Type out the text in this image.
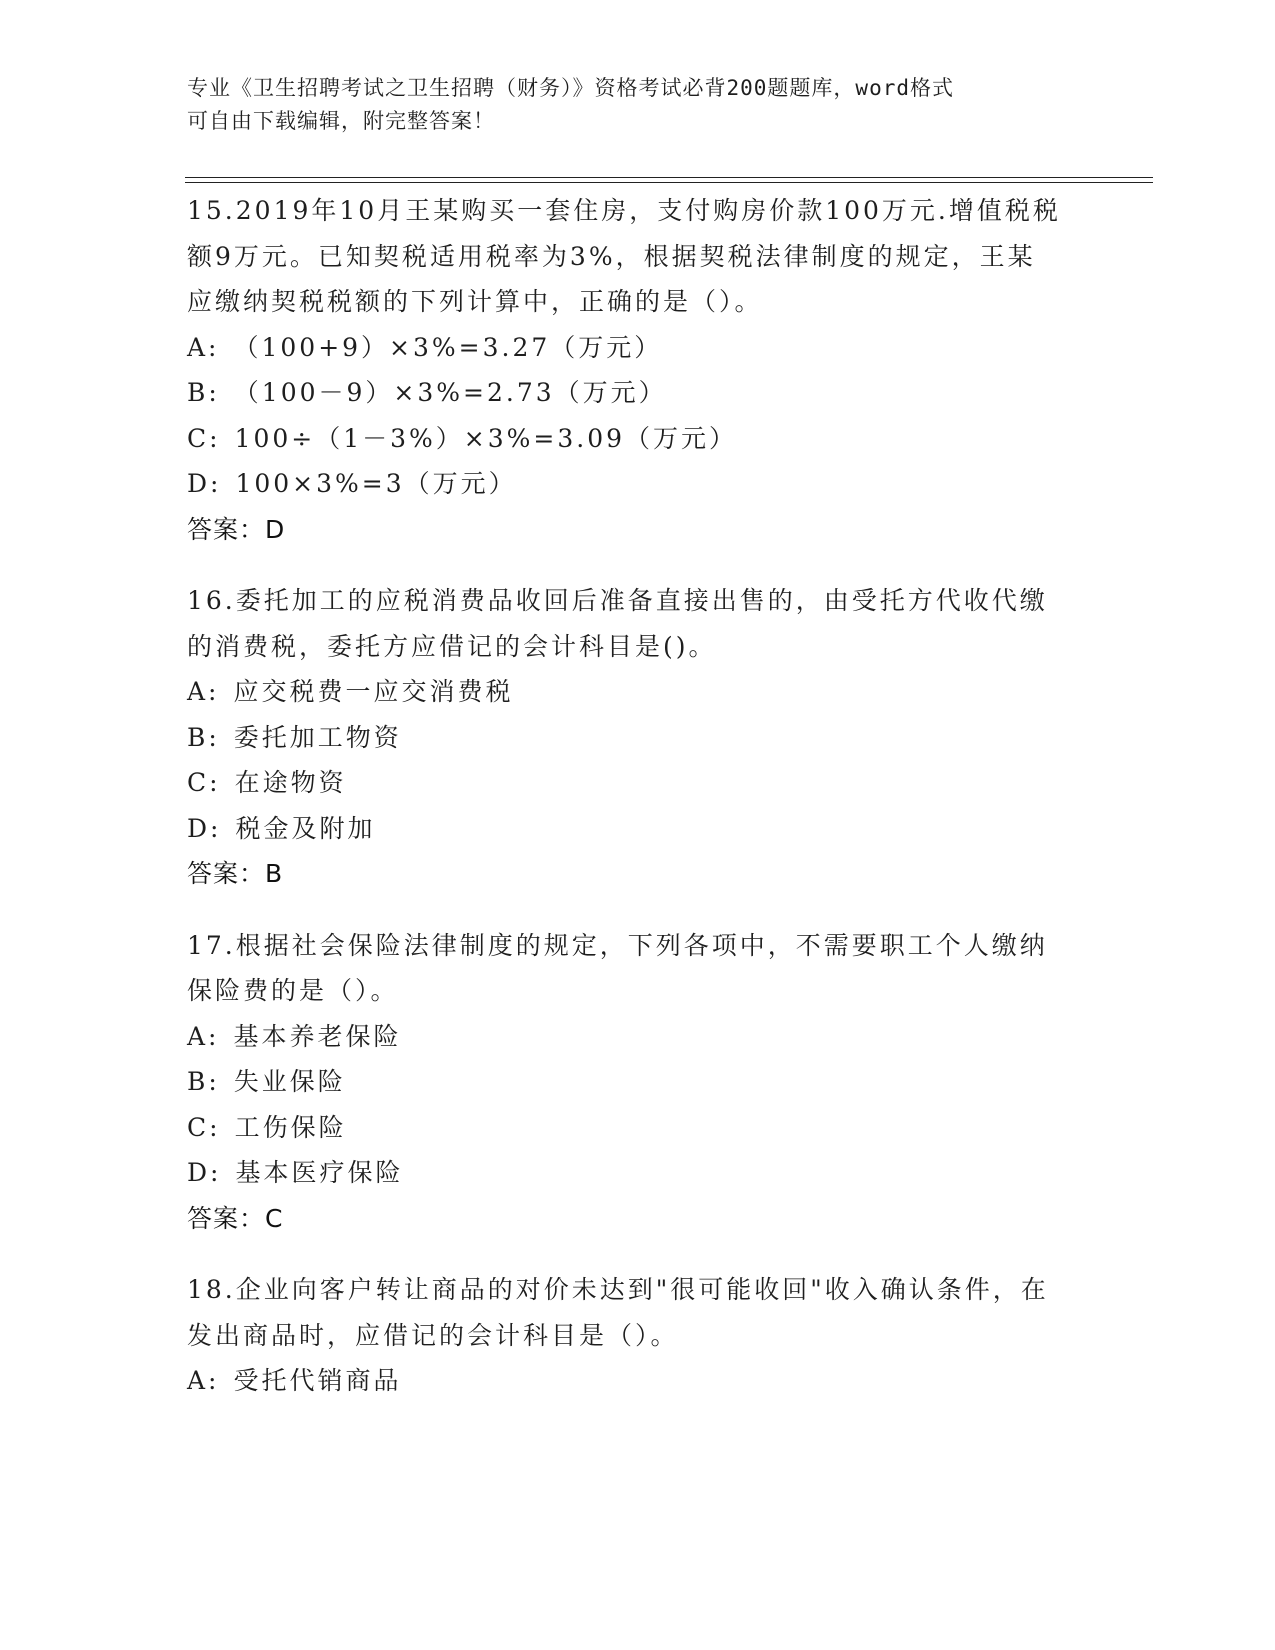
专业《卫生招聘考试之卫生招聘（财务）》资格考试必背200题题库，word格式
可自由下载编辑，附完整答案！
15.2019年10月王某购买一套住房，支付购房价款100万元.增值税税
额9万元。已知契税适用税率为3%，根据契税法律制度的规定，王某
应缴纳契税税额的下列计算中，正确的是（）。
A: （100+9）×3%=3.27（万元）
B: （100－9）×3%=2.73（万元）
C: 100÷（1－3%）×3%=3.09（万元）
D: 100×3%=3（万元）
答案：D
16.委托加工的应税消费品收回后准备直接出售的，由受托方代收代缴
的消费税，委托方应借记的会计科目是()。
A: 应交税费一应交消费税
B: 委托加工物资
C: 在途物资
D: 税金及附加
答案：B
17.根据社会保险法律制度的规定，下列各项中，不需要职工个人缴纳
保险费的是（）。
A: 基本养老保险
B: 失业保险
C: 工伤保险
D: 基本医疗保险
答案：C
18.企业向客户转让商品的对价未达到"很可能收回"收入确认条件，在
发出商品时，应借记的会计科目是（）。
A: 受托代销商品
